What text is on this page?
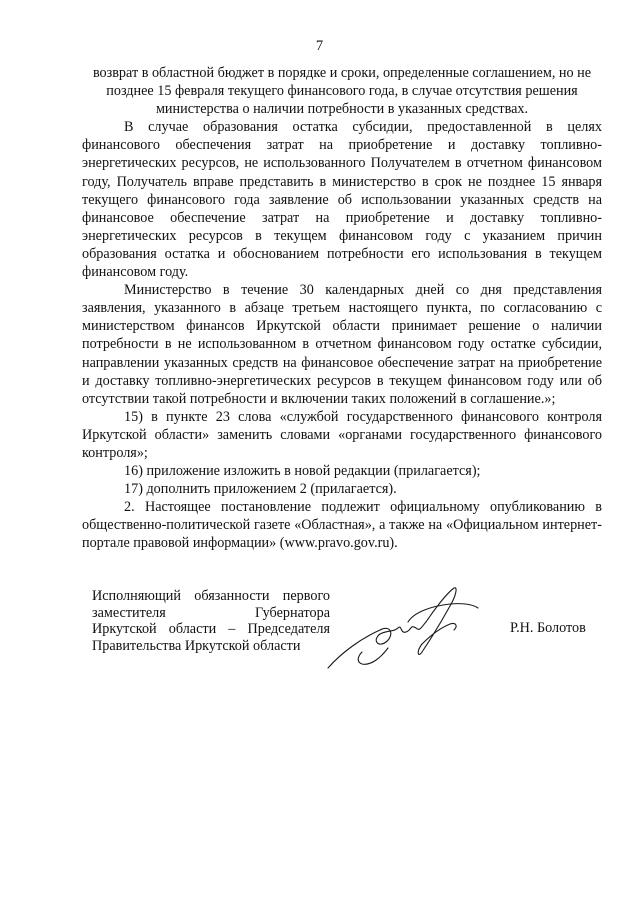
7

возврат в областной бюджет в порядке и сроки, определенные соглашением, но не позднее 15 февраля текущего финансового года, в случае отсутствия решения министерства о наличии потребности в указанных средствах.

В случае образования остатка субсидии, предоставленной в целях финансового обеспечения затрат на приобретение и доставку топливно-энергетических ресурсов, не использованного Получателем в отчетном финансовом году, Получатель вправе представить в министерство в срок не позднее 15 января текущего финансового года заявление об использовании указанных средств на финансовое обеспечение затрат на приобретение и доставку топливно-энергетических ресурсов в текущем финансовом году с указанием причин образования остатка и обоснованием потребности его использования в текущем финансовом году.

Министерство в течение 30 календарных дней со дня представления заявления, указанного в абзаце третьем настоящего пункта, по согласованию с министерством финансов Иркутской области принимает решение о наличии потребности в не использованном в отчетном финансовом году остатке субсидии, направлении указанных средств на финансовое обеспечение затрат на приобретение и доставку топливно-энергетических ресурсов в текущем финансовом году или об отсутствии такой потребности и включении таких положений в соглашение.»;

15) в пункте 23 слова «службой государственного финансового контроля Иркутской области» заменить словами «органами государственного финансового контроля»;

16) приложение изложить в новой редакции (прилагается);

17) дополнить приложением 2 (прилагается).

2. Настоящее постановление подлежит официальному опубликованию в общественно-политической газете «Областная», а также на «Официальном интернет-портале правовой информации» (www.pravo.gov.ru).

Исполняющий обязанности первого
заместителя Губернатора
Иркутской области – Председателя
Правительства Иркутской области
Р.Н. Болотов
